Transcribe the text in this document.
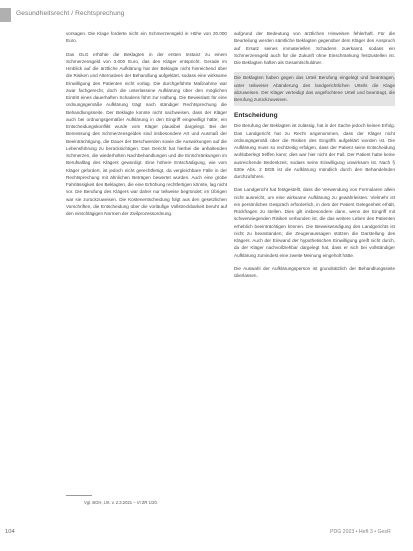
Gesundheitsrecht / Rechtsprechung

vorsagen. Die Klage forderte nicht ein Schmerzensgeld in Höhe von 20.000 Euro.

Das OLG erhöhte die Beklagten in der ersten Instanz zu einem Schmerzensgeld von 3.000 Euro, das den Kläger entspricht. Gerade im Hinblick auf die ärztliche Aufklärung hat der Beklagte nicht hinreichend über die Risiken und Alternativen der Behandlung aufgeklärt, sodass eine wirksame Einwilligung des Patienten nicht vorlag. Die durchgeführte Maßnahme war zwar fachgerecht, doch die unterlassene Aufklärung über den möglichen Eintritt eines dauerhaften Schadens führt zur Haftung. Die Beweislast für eine ordnungsgemäße Aufklärung trägt nach ständiger Rechtsprechung die Behandlungsseite. Der Beklagte konnte nicht nachweisen, dass der Kläger auch bei ordnungsgemäßer Aufklärung in den Eingriff eingewilligt hätte; ein Entscheidungskonflikt wurde vom Kläger plausibel dargelegt. Bei der Bemessung des Schmerzensgeldes sind insbesondere Art und Ausmaß der Beeinträchtigung, die Dauer der Beschwerden sowie die Auswirkungen auf die Lebensführung zu berücksichtigen. Das Gericht hat hierbei die anhaltenden Schmerzen, die wiederholten Nachbehandlungen und die Einschränkungen im Berufsalltag des Klägers gewürdigt. Eine höhere Entschädigung, wie vom Kläger gefordert, ist jedoch nicht gerechtfertigt, da vergleichbare Fälle in der Rechtsprechung mit ähnlichen Beträgen bewertet wurden. Auch eine grobe Fahrlässigkeit des Beklagten, die eine Erhöhung rechtfertigen könnte, lag nicht vor. Die Berufung des Klägers war daher nur teilweise begründet; im Übrigen war sie zurückzuweisen. Die Kostenentscheidung folgt aus den gesetzlichen Vorschriften, die Entscheidung über die vorläufige Vollstreckbarkeit beruht auf den einschlägigen Normen der Zivilprozessordnung.

aufgrund der Bedeutung von ärztlichen Hinweisen fehlerhaft. Für die Beurteilung werden sämtliche Beklagten gegenüber dem Kläger den Anspruch auf Ersatz seines immateriellen Schadens zuerkannt, sodass ein Schmerzensgeld auch für die Zukunft ohne Einschränkung festzustellen ist. Die Beklagten haften als Gesamtschuldner.

Die Beklagten haben gegen das Urteil Berufung eingelegt und beantragen, unter teilweiser Abänderung des landgerichtlichen Urteils die Klage abzuweisen. Der Kläger verteidigt das angefochtene Urteil und beantragt, die Berufung zurückzuweisen.

Entscheidung

Die Berufung der Beklagten ist zulässig, hat in der Sache jedoch keinen Erfolg. Das Landgericht hat zu Recht angenommen, dass der Kläger nicht ordnungsgemäß über die Risiken des Eingriffs aufgeklärt worden ist. Die Aufklärung muss so rechtzeitig erfolgen, dass der Patient seine Entscheidung wohlüberlegt treffen kann; dies war hier nicht der Fall. Der Patient hatte keine ausreichende Bedenkzeit, sodass seine Einwilligung unwirksam ist. Nach § 630e Abs. 2 BGB ist die Aufklärung mündlich durch den Behandelnden durchzuführen.

Das Landgericht hat festgestellt, dass die Verwendung von Formularen allein nicht ausreicht, um eine wirksame Aufklärung zu gewährleisten. Vielmehr ist ein persönliches Gespräch erforderlich, in dem der Patient Gelegenheit erhält, Rückfragen zu stellen. Dies gilt insbesondere dann, wenn der Eingriff mit schwerwiegenden Risiken verbunden ist, die das weitere Leben des Patienten erheblich beeinträchtigen können. Die Beweiswürdigung des Landgerichts ist nicht zu beanstanden; die Zeugenaussagen stützen die Darstellung des Klägers. Auch der Einwand der hypothetischen Einwilligung greift nicht durch, da der Kläger nachvollziehbar dargelegt hat, dass er sich bei vollständiger Aufklärung zumindest eine zweite Meinung eingeholt hätte.

Die Auswahl der Aufklärungsperson ist grundsätzlich der Behandlungsseite überlassen.

Vgl. BGH, Urt. v. 2.3.2021 – VI ZR 1/20.
104	PDG 2023 • Heft 3 • GesR
